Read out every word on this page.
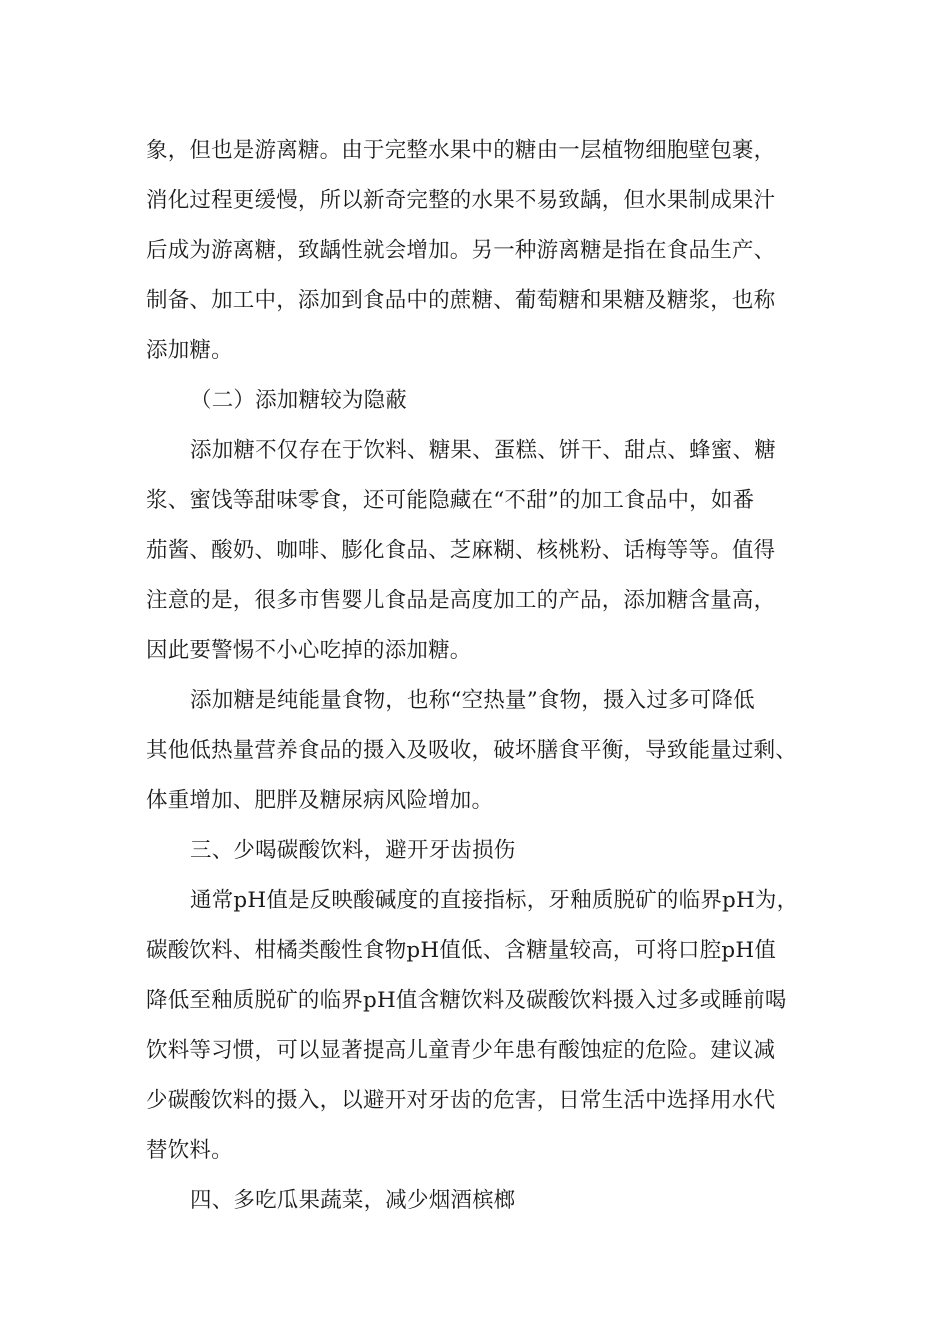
象，但也是游离糖。由于完整水果中的糖由一层植物细胞壁包裹，
消化过程更缓慢，所以新奇完整的水果不易致龋，但水果制成果汁
后成为游离糖，致龋性就会增加。另一种游离糖是指在食品生产、
制备、加工中，添加到食品中的蔗糖、葡萄糖和果糖及糖浆，也称
添加糖。
（二）添加糖较为隐蔽
添加糖不仅存在于饮料、糖果、蛋糕、饼干、甜点、蜂蜜、糖
浆、蜜饯等甜味零食，还可能隐藏在“不甜”的加工食品中，如番
茄酱、酸奶、咖啡、膨化食品、芝麻糊、核桃粉、话梅等等。值得
注意的是，很多市售婴儿食品是高度加工的产品，添加糖含量高，
因此要警惕不小心吃掉的添加糖。
添加糖是纯能量食物，也称“空热量”食物，摄入过多可降低
其他低热量营养食品的摄入及吸收，破坏膳食平衡，导致能量过剩、
体重增加、肥胖及糖尿病风险增加。
三、少喝碳酸饮料，避开牙齿损伤
通常pH值是反映酸碱度的直接指标，牙釉质脱矿的临界pH为，
碳酸饮料、柑橘类酸性食物pH值低、含糖量较高，可将口腔pH值
降低至釉质脱矿的临界pH值含糖饮料及碳酸饮料摄入过多或睡前喝
饮料等习惯，可以显著提高儿童青少年患有酸蚀症的危险。建议减
少碳酸饮料的摄入，以避开对牙齿的危害，日常生活中选择用水代
替饮料。
四、多吃瓜果蔬菜，减少烟酒槟榔
